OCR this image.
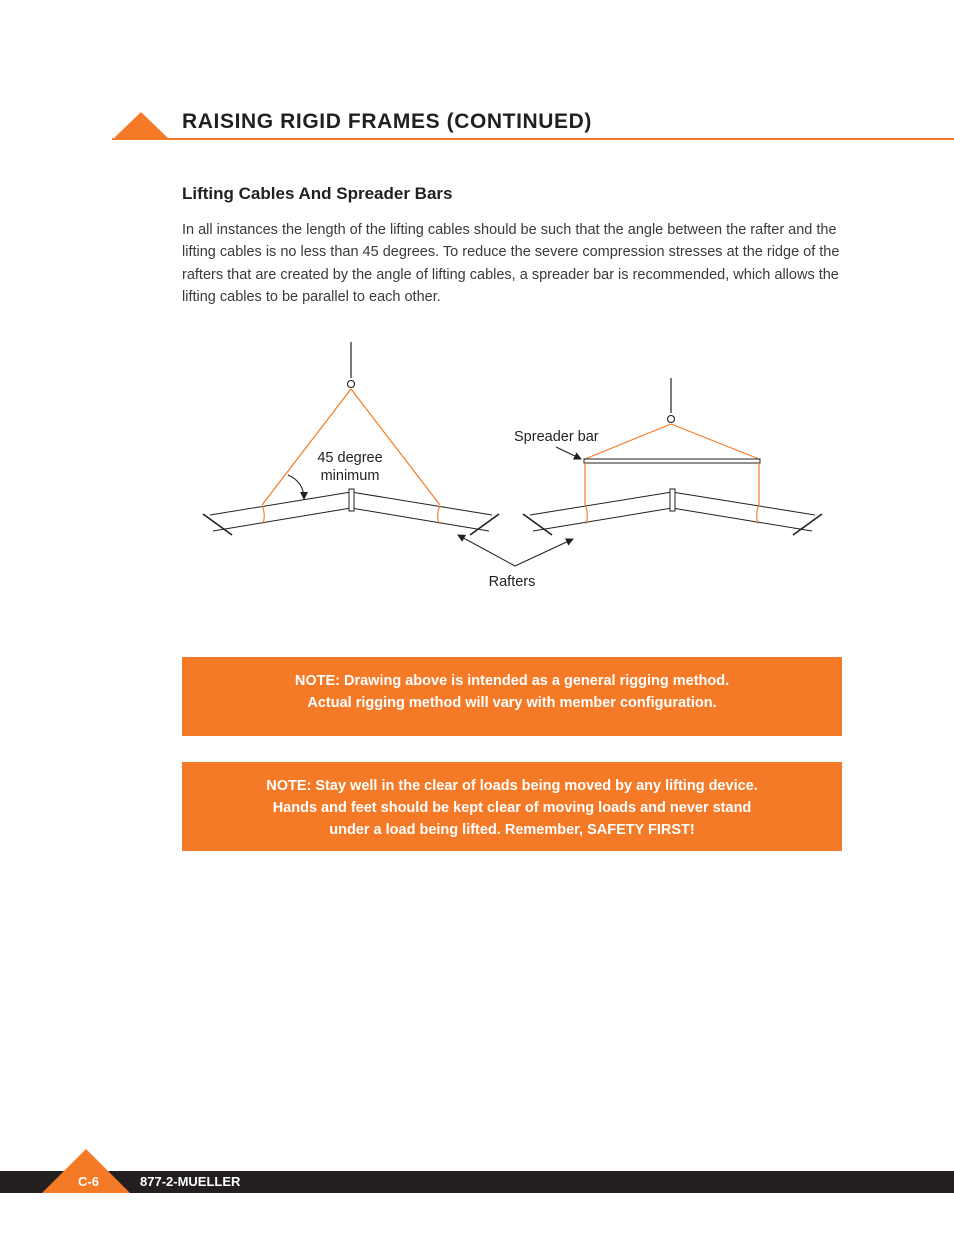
RAISING RIGID FRAMES (CONTINUED)
Lifting Cables And Spreader Bars

In all instances the length of the lifting cables should be such that the angle between the rafter and the lifting cables is no less than 45 degrees. To reduce the severe compression stresses at the ridge of the rafters that are created by the angle of lifting cables, a spreader bar is recommended, which allows the lifting cables to be parallel to each other.

45 degree
minimum
Spreader bar
Rafters

NOTE: Drawing above is intended as a general rigging method.

Actual rigging method will vary with member configuration.

NOTE: Stay well in the clear of loads being moved by any lifting device.

Hands and feet should be kept clear of moving loads and never stand

under a load being lifted. Remember, SAFETY FIRST!

C-6	877-2-MUELLER
